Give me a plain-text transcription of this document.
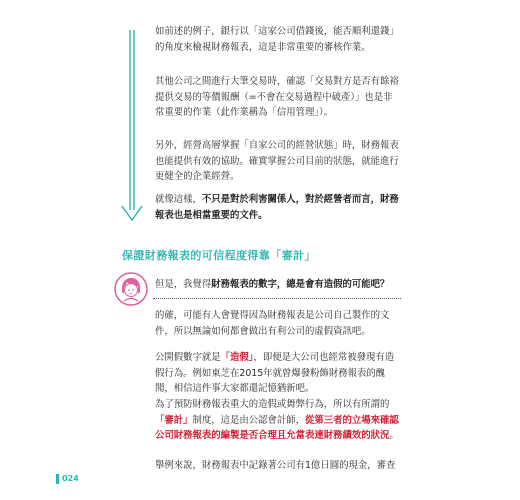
如前述的例子，銀行以「這家公司借錢後，能否順利還錢」的角度來檢視財務報表，這是非常重要的審核作業。

其他公司之間進行大筆交易時，確認「交易對方是否有餘裕提供交易的等價報酬（=不會在交易過程中破產）」也是非常重要的作業（此作業稱為「信用管理」）。

另外，經營高層掌握「自家公司的經營狀態」時，財務報表也能提供有效的協助。確實掌握公司目前的狀態，就能進行更健全的企業經營。

就像這樣，不只是對於利害關係人，對於經營者而言，財務報表也是相當重要的文件。

保證財務報表的可信程度得靠「審計」

但是，我覺得財務報表的數字，總是會有造假的可能吧？

的確，可能有人會覺得因為財務報表是公司自己製作的文件，所以無論如何都會做出有利公司的虛假資訊吧。

公開假數字就是「造假」，即便是大公司也經常被發現有造假行為。例如東芝在2015年就曾爆發粉飾財務報表的醜聞，相信這件事大家都還記憶猶新吧。

為了預防財務報表重大的造假或舞弊行為，所以有所謂的「審計」制度，這是由公認會計師，從第三者的立場來確認公司財務報表的編製是否合理且允當表達財務績效的狀況。

舉例來說，財務報表中記錄著公司有1億日圓的現金，審查

024
